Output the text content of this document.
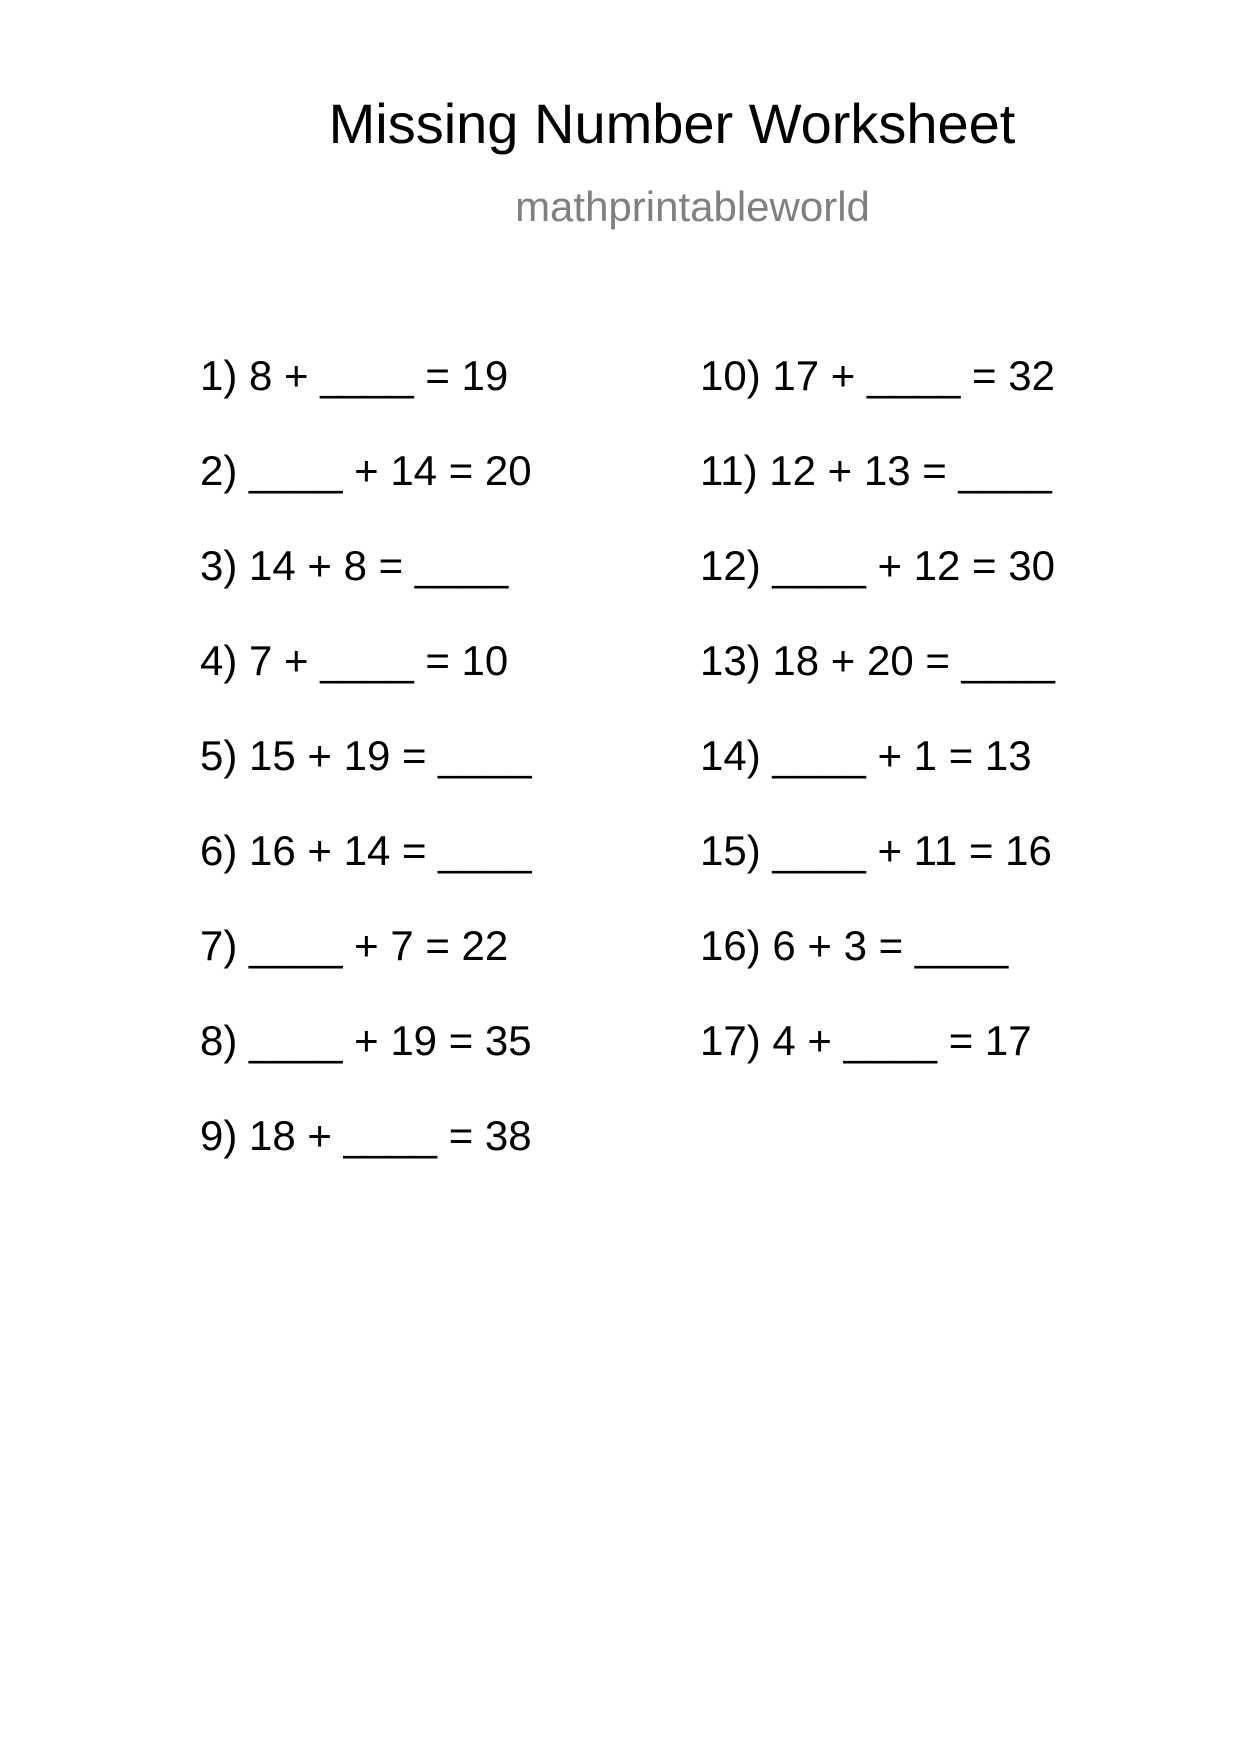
Missing Number Worksheet
mathprintableworld
1) 8 + ____ = 19
2) ____ + 14 = 20
3) 14 + 8 = ____
4) 7 + ____ = 10
5) 15 + 19 = ____
6) 16 + 14 = ____
7) ____ + 7 = 22
8) ____ + 19 = 35
9) 18 + ____ = 38
10) 17 + ____ = 32
11) 12 + 13 = ____
12) ____ + 12 = 30
13) 18 + 20 = ____
14) ____ + 1 = 13
15) ____ + 11 = 16
16) 6 + 3 = ____
17) 4 + ____ = 17
